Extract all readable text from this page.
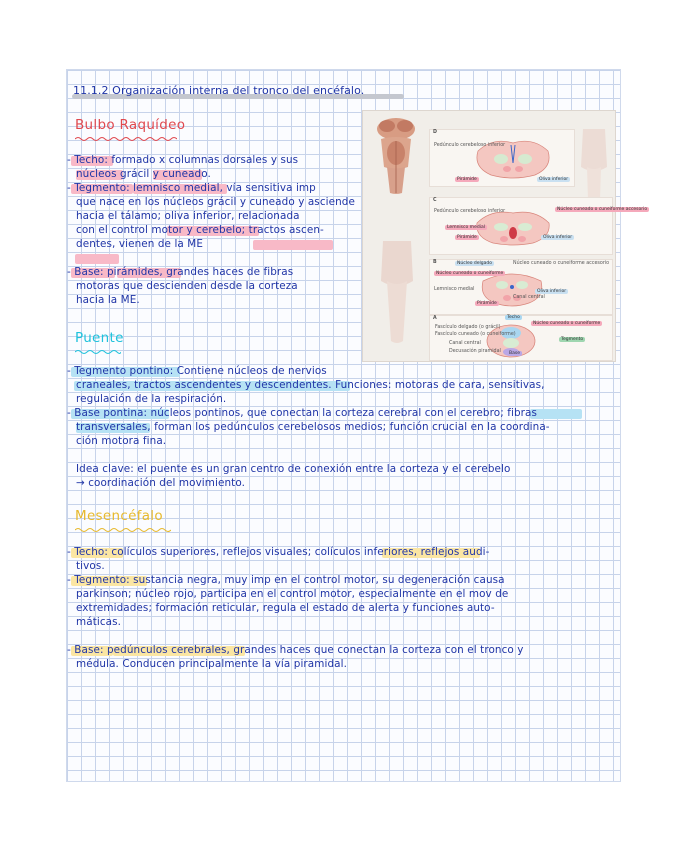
11.1.2 Organización interna del tronco del encéfalo.
Bulbo Raquídeo
- Techo: formado x columnas dorsales y sus
núcleos grácil y cuneado.
- Tegmento: lemnisco medial, vía sensitiva imp
que nace en los núcleos grácil y cuneado y asciende
hacia el tálamo; oliva inferior, relacionada
con el control motor y cerebelo; tractos ascen-
dentes, vienen de la ME
- Base: pirámides, grandes haces de fibras
motoras que descienden desde la corteza
hacia la ME.
D
Pedúnculo cerebeloso inferior
Pirámide	Oliva inferior
C
Pedúnculo cerebeloso inferior	Núcleo cuneado o cuneiforme accesorio
Lemnisco medial
Pirámide	Oliva inferior
B	Núcleo delgado	Núcleo cuneado o cuneiforme accesorio
Núcleo cuneado o cuneiforme
Lemnisco medial
Canal central
Pirámide
Oliva inferior
A	Techo
Fascículo delgado (o grácil)
Fascículo cuneado (o cuneiforme)
Núcleo cuneado o cuneiforme
Canal central
Tegmento
Decusación piramidal	Base
Puente
- Tegmento pontino: Contiene núcleos de nervios
craneales, tractos ascendentes y descendentes. Funciones: motoras de cara, sensitivas,
regulación de la respiración.
- Base pontina: núcleos pontinos, que conectan la corteza cerebral con el cerebro; fibras
transversales, forman los pedúnculos cerebelosos medios; función crucial en la coordina-
ción motora fina.
Idea clave: el puente es un gran centro de conexión entre la corteza y el cerebelo
→ coordinación del movimiento.
Mesencéfalo
- Techo: colículos superiores, reflejos visuales; colículos inferiores, reflejos audi-
tivos.
- Tegmento: sustancia negra, muy imp en el control motor, su degeneración causa
parkinson; núcleo rojo, participa en el control motor, especialmente en el mov de
extremidades; formación reticular, regula el estado de alerta y funciones auto-
máticas.
- Base: pedúnculos cerebrales, grandes haces que conectan la corteza con el tronco y
médula. Conducen principalmente la vía piramidal.
